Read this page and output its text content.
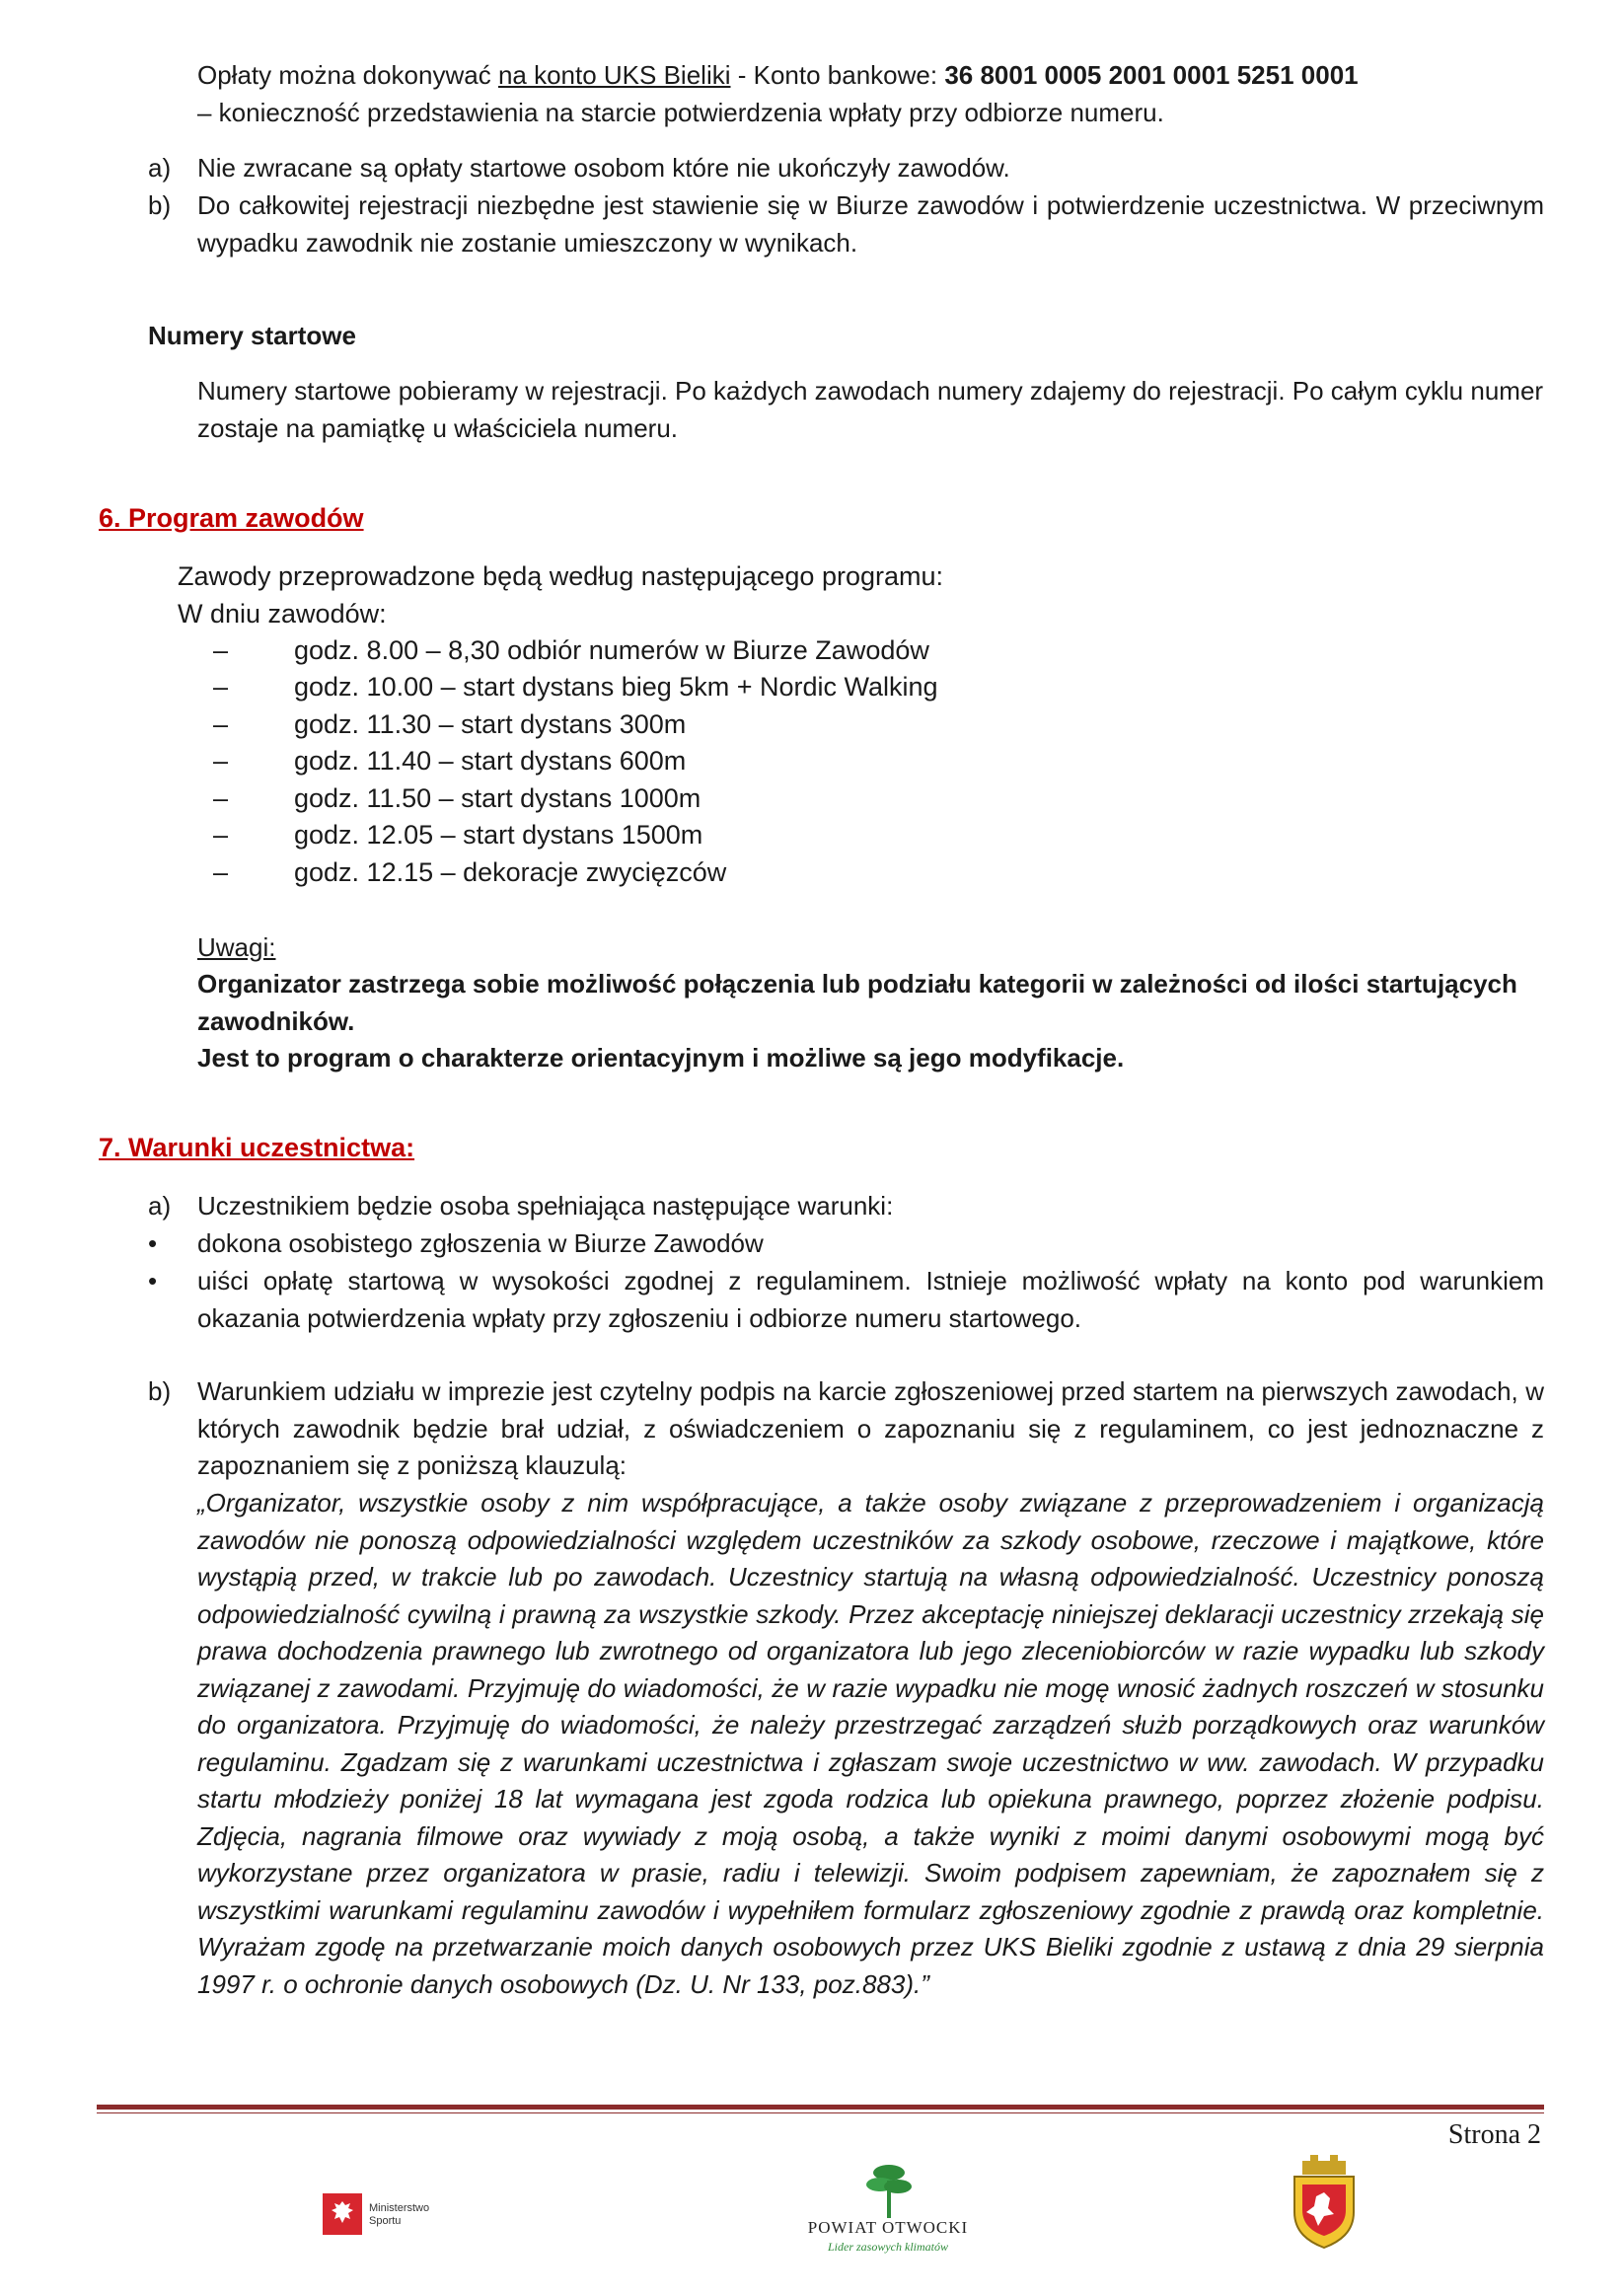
Opłaty można dokonywać na konto UKS Bieliki - Konto bankowe: 36 8001 0005 2001 0001 5251 0001
– konieczność przedstawienia na starcie potwierdzenia wpłaty przy odbiorze numeru.
a)	Nie zwracane są opłaty startowe osobom które nie ukończyły zawodów.
b)	Do całkowitej rejestracji niezbędne jest stawienie się w Biurze zawodów i potwierdzenie uczestnictwa. W przeciwnym wypadku zawodnik nie zostanie umieszczony w wynikach.
Numery startowe
Numery startowe pobieramy w rejestracji. Po każdych zawodach numery zdajemy do rejestracji. Po całym cyklu numer zostaje na pamiątkę u właściciela numeru.
6. Program zawodów
Zawody przeprowadzone będą według następującego programu:
W dniu zawodów:
– godz. 8.00 – 8,30 odbiór numerów w Biurze Zawodów
– godz. 10.00 – start dystans bieg 5km + Nordic Walking
– godz. 11.30 – start dystans 300m
– godz. 11.40 – start dystans 600m
– godz. 11.50 – start dystans 1000m
– godz. 12.05 – start dystans 1500m
– godz. 12.15 – dekoracje zwycięzców
Uwagi:
Organizator zastrzega sobie możliwość połączenia lub podziału kategorii w zależności od ilości startujących zawodników.
Jest to program o charakterze orientacyjnym i możliwe są jego modyfikacje.
7. Warunki uczestnictwa:
a)	Uczestnikiem będzie osoba spełniająca następujące warunki:
•	dokona osobistego zgłoszenia w Biurze Zawodów
•	uiści opłatę startową w wysokości zgodnej z regulaminem. Istnieje możliwość wpłaty na konto pod warunkiem okazania potwierdzenia wpłaty przy zgłoszeniu i odbiorze numeru startowego.
b)	Warunkiem udziału w imprezie jest czytelny podpis na karcie zgłoszeniowej przed startem na pierwszych zawodach, w których zawodnik będzie brał udział, z oświadczeniem o zapoznaniu się z regulaminem, co jest jednoznaczne z zapoznaniem się z poniższą klauzulą:
„Organizator, wszystkie osoby z nim współpracujące, a także osoby związane z przeprowadzeniem i organizacją zawodów nie ponoszą odpowiedzialności względem uczestników za szkody osobowe, rzeczowe i majątkowe, które wystąpią przed, w trakcie lub po zawodach. Uczestnicy startują na własną odpowiedzialność. Uczestnicy ponoszą odpowiedzialność cywilną i prawną za wszystkie szkody. Przez akceptację niniejszej deklaracji uczestnicy zrzekają się prawa dochodzenia prawnego lub zwrotnego od organizatora lub jego zleceniobiorców w razie wypadku lub szkody związanej z zawodami. Przyjmuję do wiadomości, że w razie wypadku nie mogę wnosić żadnych roszczeń w stosunku do organizatora. Przyjmuję do wiadomości, że należy przestrzegać zarządzeń służb porządkowych oraz warunków regulaminu. Zgadzam się z warunkami uczestnictwa i zgłaszam swoje uczestnictwo w ww. zawodach. W przypadku startu młodzieży poniżej 18 lat wymagana jest zgoda rodzica lub opiekuna prawnego, poprzez złożenie podpisu. Zdjęcia, nagrania filmowe oraz wywiady z moją osobą, a także wyniki z moimi danymi osobowymi mogą być wykorzystane przez organizatora w prasie, radiu i telewizji. Swoim podpisem zapewniam, że zapoznałem się z wszystkimi warunkami regulaminu zawodów i wypełniłem formularz zgłoszeniowy zgodnie z prawdą oraz kompletnie. Wyrażam zgodę na przetwarzanie moich danych osobowych przez UKS Bieliki zgodnie z ustawą z dnia 29 sierpnia 1997 r. o ochronie danych osobowych (Dz. U. Nr 133, poz.883).”
Strona 2
Ministerstwo
Sportu	POWIAT OTWOCKI
Lider zasowych klimatów
